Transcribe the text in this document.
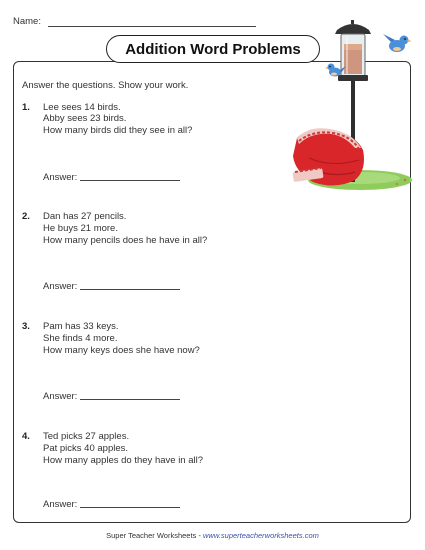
Name:
Addition Word Problems
Answer the questions. Show your work.
1. Lee sees 14 birds.
Abby sees 23 birds.
How many birds did they see in all?
Answer:
2. Dan has 27 pencils.
He buys 21 more.
How many pencils does he have in all?
Answer:
3. Pam has 33 keys.
She finds 4 more.
How many keys does she have now?
Answer:
4. Ted picks 27 apples.
Pat picks 40 apples.
How many apples do they have in all?
Answer:
Super Teacher Worksheets - www.superteacherworksheets.com
